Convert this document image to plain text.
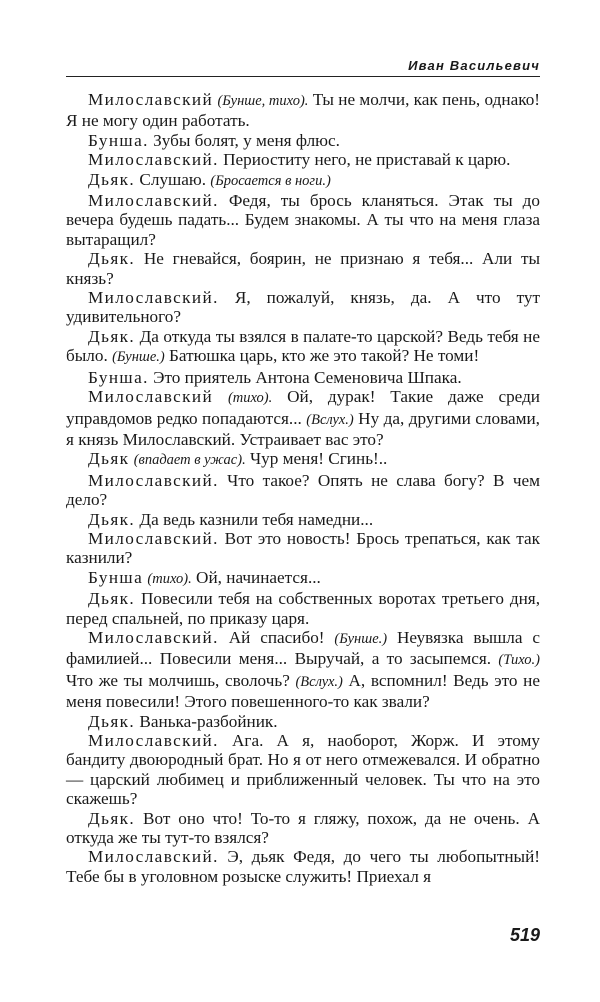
Иван Васильевич

Милославский (Бунше, тихо). Ты не молчи, как пень, однако! Я не могу один работать.

Бунша. Зубы болят, у меня флюс.

Милославский. Периоститу него, не приставай к царю.

Дьяк. Слушаю. (Бросается в ноги.)

Милославский. Федя, ты брось кланяться. Этак ты до вечера будешь падать... Будем знакомы. А ты что на меня глаза вытаращил?

Дьяк. Не гневайся, боярин, не признаю я тебя... Али ты князь?

Милославский. Я, пожалуй, князь, да. А что тут удивительного?

Дьяк. Да откуда ты взялся в палате-то царской? Ведь тебя не было. (Бунше.) Батюшка царь, кто же это такой? Не томи!

Бунша. Это приятель Антона Семеновича Шпака.

Милославский (тихо). Ой, дурак! Такие даже среди управдомов редко попадаются... (Вслух.) Ну да, другими словами, я князь Милославский. Устраивает вас это?

Дьяк (впадает в ужас). Чур меня! Сгинь!..

Милославский. Что такое? Опять не слава богу? В чем дело?

Дьяк. Да ведь казнили тебя намедни...

Милославский. Вот это новость! Брось трепаться, как так казнили?

Бунша (тихо). Ой, начинается...

Дьяк. Повесили тебя на собственных воротах третьего дня, перед спальней, по приказу царя.

Милославский. Ай спасибо! (Бунше.) Неувязка вышла с фамилией... Повесили меня... Выручай, а то засыпемся. (Тихо.) Что же ты молчишь, сволочь? (Вслух.) А, вспомнил! Ведь это не меня повесили! Этого повешенного-то как звали?

Дьяк. Ванька-разбойник.

Милославский. Ага. А я, наоборот, Жорж. И этому бандиту двоюродный брат. Но я от него отмежевался. И обратно — царский любимец и приближенный человек. Ты что на это скажешь?

Дьяк. Вот оно что! То-то я гляжу, похож, да не очень. А откуда же ты тут-то взялся?

Милославский. Э, дьяк Федя, до чего ты любопытный! Тебе бы в уголовном розыске служить! Приехал я

519
